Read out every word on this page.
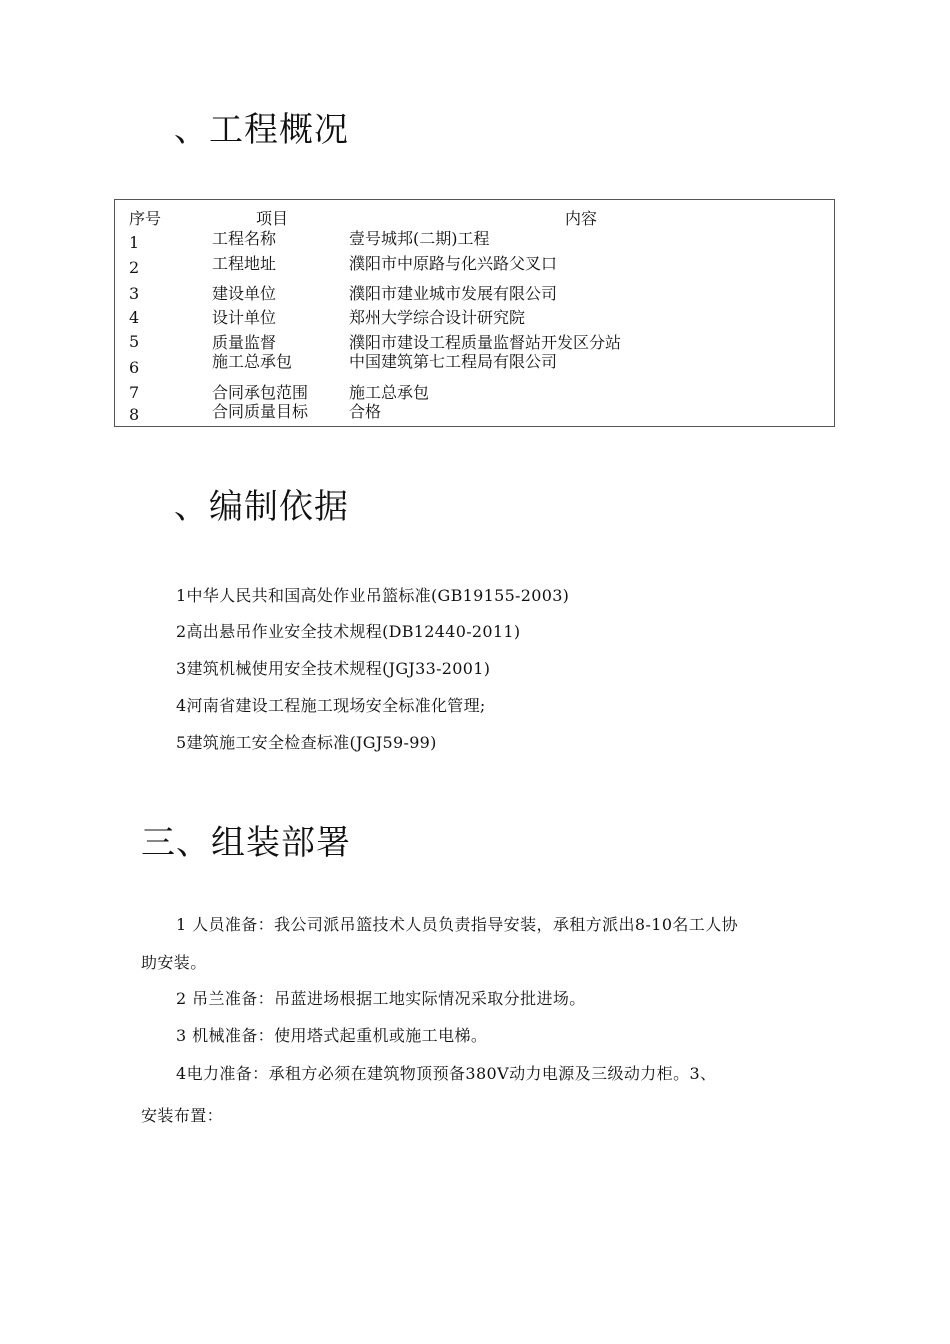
、工程概况
序号	项目	内容
1	工程名称	壹号城邦(二期)工程
2	工程地址	濮阳市中原路与化兴路父叉口
3	建设单位	濮阳市建业城市发展有限公司
4	设计单位	郑州大学综合设计研究院
5	质量监督	濮阳市建设工程质量监督站开发区分站
6	施工总承包	中国建筑第七工程局有限公司
7	合同承包范围	施工总承包
8	合同质量目标	合格
、编制依据
1中华人民共和国高处作业吊篮标准(GB19155-2003)
2高出悬吊作业安全技术规程(DB12440-2011)
3建筑机械使用安全技术规程(JGJ33-2001)
4河南省建设工程施工现场安全标准化管理;
5建筑施工安全检查标准(JGJ59-99)
三、组装部署
1 人员准备：我公司派吊篮技术人员负责指导安装，承租方派出8-10名工人协
助安装。
2 吊兰准备：吊蓝进场根据工地实际情况采取分批进场。
3 机械准备：使用塔式起重机或施工电梯。
4电力准备：承租方必须在建筑物顶预备380V动力电源及三级动力柜。3、
安装布置：
